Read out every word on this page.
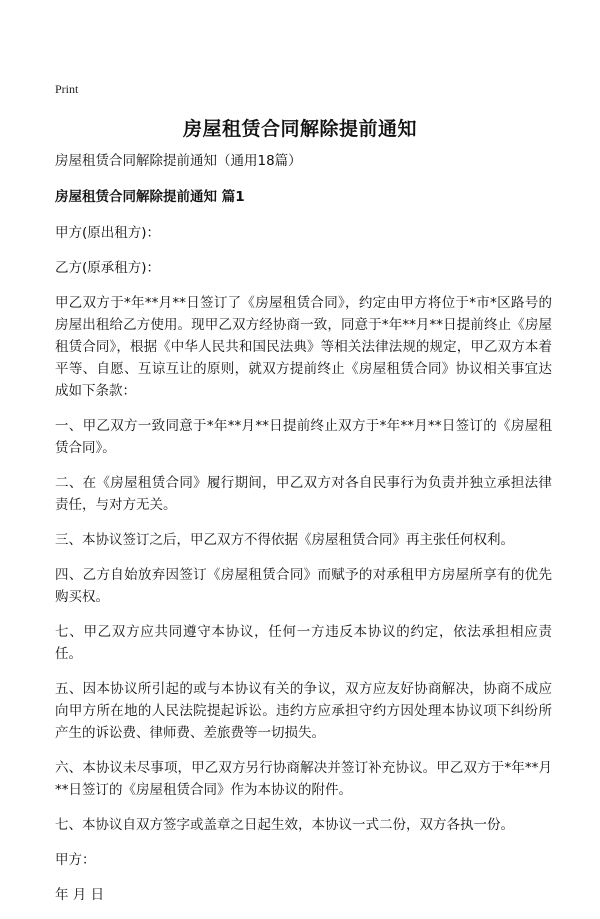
Print
房屋租赁合同解除提前通知

房屋租赁合同解除提前通知（通用18篇）

房屋租赁合同解除提前通知 篇1

甲方(原出租方)：

乙方(原承租方)：

甲乙双方于*年**月**日签订了《房屋租赁合同》，约定由甲方将位于*市*区路号的房屋出租给乙方使用。现甲乙双方经协商一致，同意于*年**月**日提前终止《房屋租赁合同》，根据《中华人民共和国民法典》等相关法律法规的规定，甲乙双方本着平等、自愿、互谅互让的原则，就双方提前终止《房屋租赁合同》协议相关事宜达成如下条款：

一、甲乙双方一致同意于*年**月**日提前终止双方于*年**月**日签订的《房屋租赁合同》。

二、在《房屋租赁合同》履行期间，甲乙双方对各自民事行为负责并独立承担法律责任，与对方无关。

三、本协议签订之后，甲乙双方不得依据《房屋租赁合同》再主张任何权利。

四、乙方自始放弃因签订《房屋租赁合同》而赋予的对承租甲方房屋所享有的优先购买权。

七、甲乙双方应共同遵守本协议，任何一方违反本协议的约定，依法承担相应责任。

五、因本协议所引起的或与本协议有关的争议，双方应友好协商解决，协商不成应向甲方所在地的人民法院提起诉讼。违约方应承担守约方因处理本协议项下纠纷所产生的诉讼费、律师费、差旅费等一切损失。

六、本协议未尽事项，甲乙双方另行协商解决并签订补充协议。甲乙双方于*年**月**日签订的《房屋租赁合同》作为本协议的附件。

七、本协议自双方签字或盖章之日起生效，本协议一式二份，双方各执一份。

甲方：

年 月 日
